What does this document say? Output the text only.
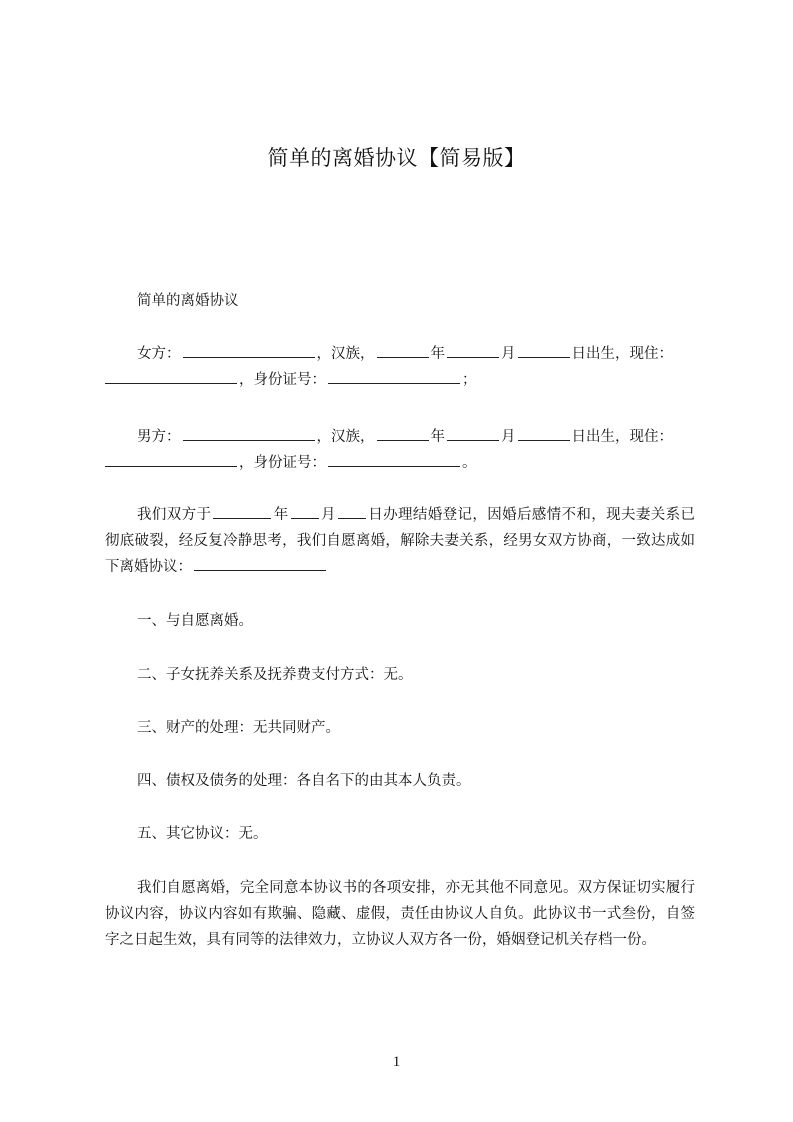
简单的离婚协议【简易版】

简单的离婚协议

女方：	，汉族，	年	月	日出生，现住：
，身份证号：	；

男方：	，汉族，	年	月	日出生，现住：
，身份证号：	。

我们双方于	年 月 日办理结婚登记，因婚后感情不和，现夫妻关系已彻底破裂，经反复冷静思考，我们自愿离婚，解除夫妻关系，经男女双方协商，一致达成如下离婚协议：

一、与自愿离婚。

二、子女抚养关系及抚养费支付方式：无。

三、财产的处理：无共同财产。

四、债权及债务的处理：各自名下的由其本人负责。

五、其它协议：无。

我们自愿离婚，完全同意本协议书的各项安排，亦无其他不同意见。双方保证切实履行协议内容，协议内容如有欺骗、隐藏、虚假，责任由协议人自负。此协议书一式叁份，自签字之日起生效，具有同等的法律效力，立协议人双方各一份，婚姻登记机关存档一份。

1
